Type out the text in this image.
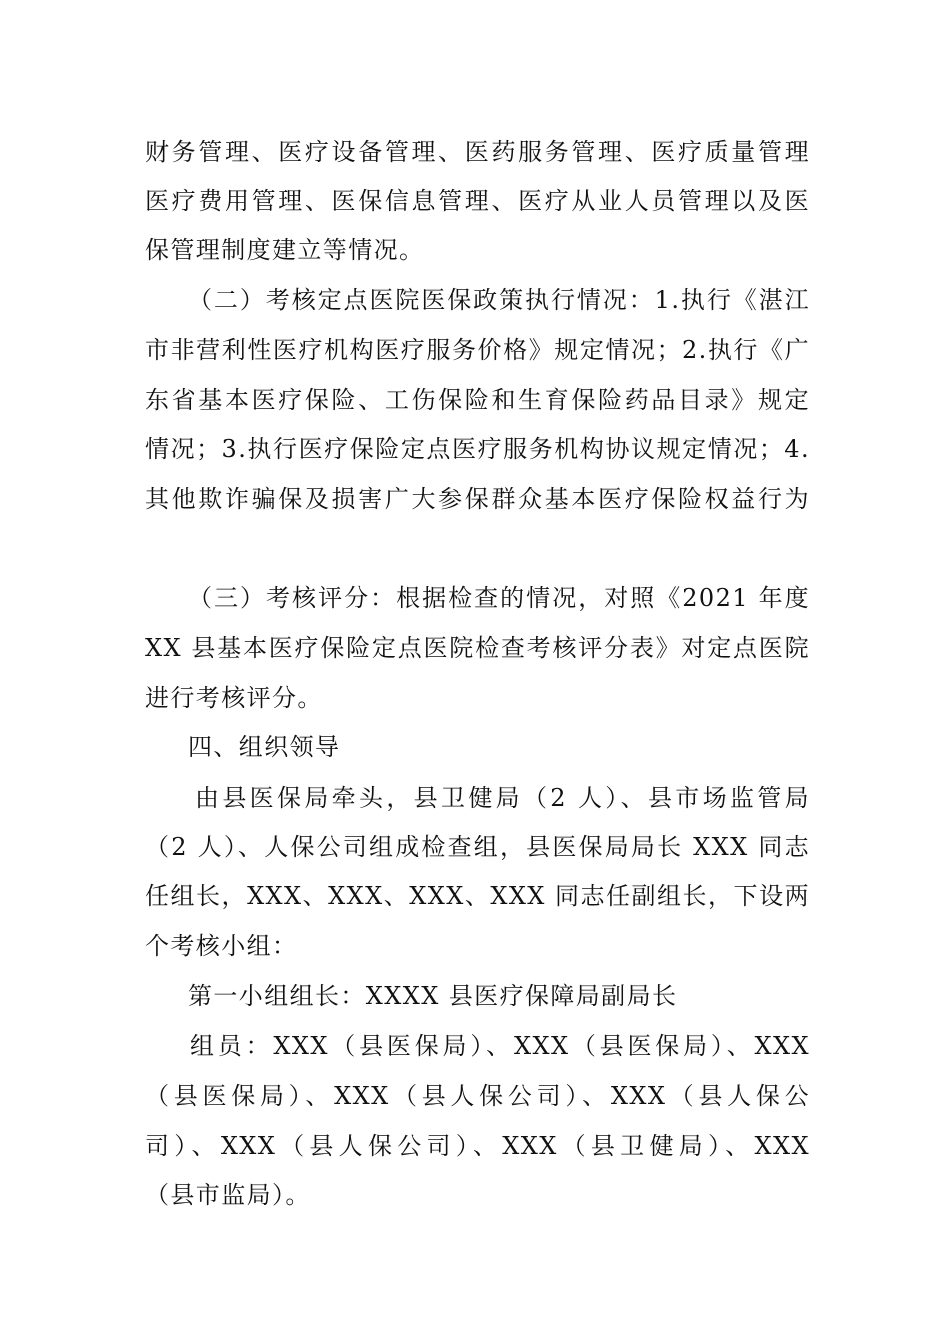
财务管理、医疗设备管理、医药服务管理、医疗质量管理
医疗费用管理、医保信息管理、医疗从业人员管理以及医
保管理制度建立等情况。
（二）考核定点医院医保政策执行情况：1.执行《湛江
市非营利性医疗机构医疗服务价格》规定情况；2.执行《广
东省基本医疗保险、工伤保险和生育保险药品目录》规定
情况；3.执行医疗保险定点医疗服务机构协议规定情况；4.
其他欺诈骗保及损害广大参保群众基本医疗保险权益行为
（三）考核评分：根据检查的情况，对照《2021 年度
XX 县基本医疗保险定点医院检查考核评分表》对定点医院
进行考核评分。
四、组织领导
由县医保局牵头，县卫健局（2 人）、县市场监管局
（2 人）、人保公司组成检查组，县医保局局长 XXX 同志
任组长，XXX、XXX、XXX、XXX 同志任副组长，下设两
个考核小组：
第一小组组长：XXXX 县医疗保障局副局长
组员：XXX（县医保局）、XXX（县医保局）、XXX
（县医保局）、XXX（县人保公司）、XXX（县人保公
司）、XXX（县人保公司）、XXX（县卫健局）、XXX
（县市监局）。
